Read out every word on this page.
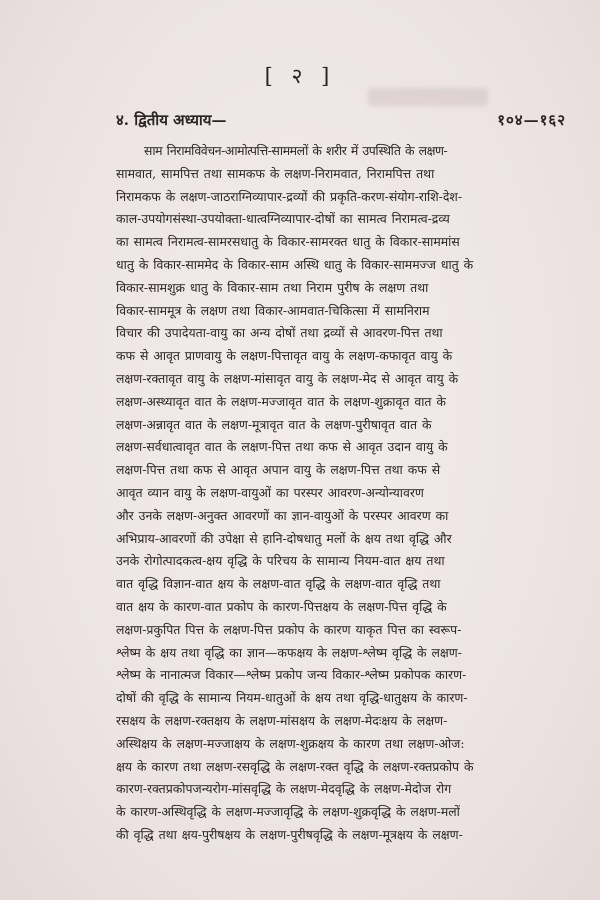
[ २ ]
४. द्वितीय अध्याय—	१०४—१६२
साम निरामविवेचन-आमोत्पत्ति-साममलों के शरीर में उपस्थिति के लक्षण-
सामवात, सामपित्त तथा सामकफ के लक्षण-निरामवात, निरामपित्त तथा
निरामकफ के लक्षण-जाठराग्निव्यापार-द्रव्यों की प्रकृति-करण-संयोग-राशि-देश-
काल-उपयोगसंस्था-उपयोक्ता-धात्वग्निव्यापार-दोषों का सामत्व निरामत्व-द्रव्य
का सामत्व निरामत्व-सामरसधातु के विकार-सामरक्त धातु के विकार-साममांस
धातु के विकार-साममेद के विकार-साम अस्थि धातु के विकार-साममज्ज धातु के
विकार-सामशुक्र धातु के विकार-साम तथा निराम पुरीष के लक्षण तथा
विकार-साममूत्र के लक्षण तथा विकार-आमवात-चिकित्सा में सामनिराम
विचार की उपादेयता-वायु का अन्य दोषों तथा द्रव्यों से आवरण-पित्त तथा
कफ से आवृत प्राणवायु के लक्षण-पित्तावृत वायु के लक्षण-कफावृत वायु के
लक्षण-रक्तावृत वायु के लक्षण-मांसावृत वायु के लक्षण-मेद से आवृत वायु के
लक्षण-अस्थ्यावृत वात के लक्षण-मज्जावृत वात के लक्षण-शुक्रावृत वात के
लक्षण-अन्नावृत वात के लक्षण-मूत्रावृत वात के लक्षण-पुरीषावृत वात के
लक्षण-सर्वधात्वावृत वात के लक्षण-पित्त तथा कफ से आवृत उदान वायु के
लक्षण-पित्त तथा कफ से आवृत अपान वायु के लक्षण-पित्त तथा कफ से
आवृत व्यान वायु के लक्षण-वायुओं का परस्पर आवरण-अन्योन्यावरण
और उनके लक्षण-अनुक्त आवरणों का ज्ञान-वायुओं के परस्पर आवरण का
अभिप्राय-आवरणों की उपेक्षा से हानि-दोषधातु मलों के क्षय तथा वृद्धि और
उनके रोगोत्पादकत्व-क्षय वृद्धि के परिचय के सामान्य नियम-वात क्षय तथा
वात वृद्धि विज्ञान-वात क्षय के लक्षण-वात वृद्धि के लक्षण-वात वृद्धि तथा
वात क्षय के कारण-वात प्रकोप के कारण-पित्तक्षय के लक्षण-पित्त वृद्धि के
लक्षण-प्रकुपित पित्त के लक्षण-पित्त प्रकोप के कारण याकृत पित्त का स्वरूप-
श्लेष्म के क्षय तथा वृद्धि का ज्ञान—कफक्षय के लक्षण-श्लेष्म वृद्धि के लक्षण-
श्लेष्म के नानात्मज विकार—श्लेष्म प्रकोप जन्य विकार-श्लेष्म प्रकोपक कारण-
दोषों की वृद्धि के सामान्य नियम-धातुओं के क्षय तथा वृद्धि-धातुक्षय के कारण-
रसक्षय के लक्षण-रक्तक्षय के लक्षण-मांसक्षय के लक्षण-मेदःक्षय के लक्षण-
अस्थिक्षय के लक्षण-मज्जाक्षय के लक्षण-शुक्रक्षय के कारण तथा लक्षण-ओज:
क्षय के कारण तथा लक्षण-रसवृद्धि के लक्षण-रक्त वृद्धि के लक्षण-रक्तप्रकोप के
कारण-रक्तप्रकोपजन्यरोग-मांसवृद्धि के लक्षण-मेदवृद्धि के लक्षण-मेदोज रोग
के कारण-अस्थिवृद्धि के लक्षण-मज्जावृद्धि के लक्षण-शुक्रवृद्धि के लक्षण-मलों
की वृद्धि तथा क्षय-पुरीषक्षय के लक्षण-पुरीषवृद्धि के लक्षण-मूत्रक्षय के लक्षण-
